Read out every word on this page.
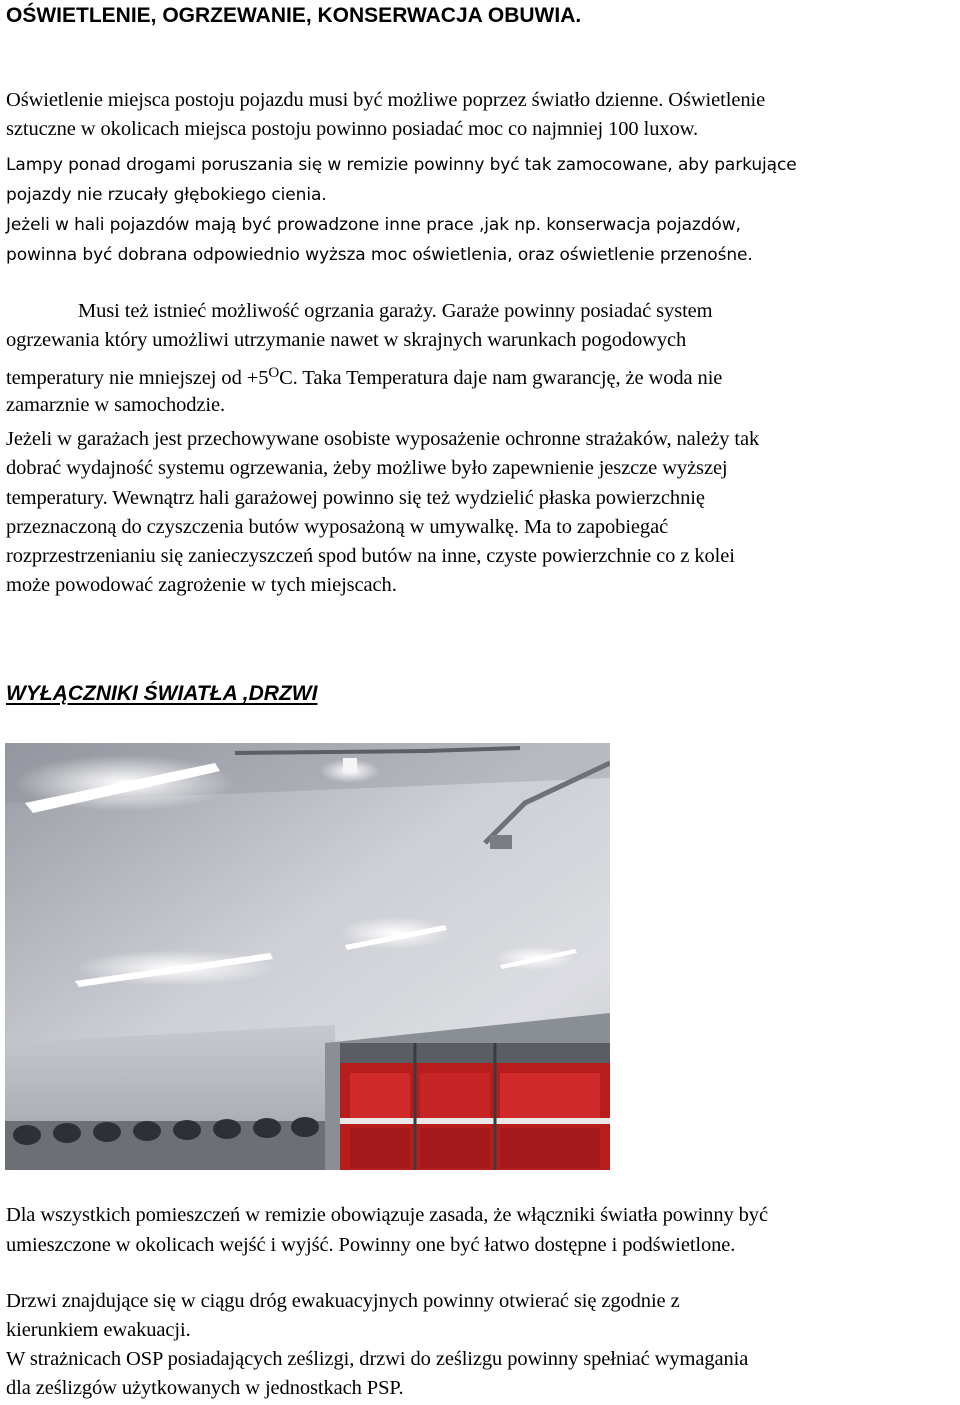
OŚWIETLENIE, OGRZEWANIE, KONSERWACJA OBUWIA.
Oświetlenie miejsca postoju pojazdu musi być możliwe poprzez światło dzienne. Oświetlenie
sztuczne w okolicach miejsca postoju powinno posiadać moc co najmniej 100 luxow.
Lampy ponad drogami poruszania się w remizie powinny być tak zamocowane, aby parkujące
pojazdy nie rzucały głębokiego cienia.
Jeżeli w hali pojazdów mają być prowadzone inne prace ,jak np. konserwacja pojazdów,
powinna być dobrana odpowiednio wyższa moc oświetlenia, oraz oświetlenie przenośne.
Musi też istnieć możliwość ogrzania garaży. Garaże powinny posiadać system
ogrzewania który umożliwi utrzymanie nawet w skrajnych warunkach pogodowych
temperatury nie mniejszej od $+5^OC$. Taka Temperatura daje nam gwarancję, że woda nie
zamarznie w samochodzie.
Jeżeli w garażach jest przechowywane osobiste wyposażenie ochronne strażaków, należy tak
dobrać wydajność systemu ogrzewania, żeby możliwe było zapewnienie jeszcze wyższej
temperatury. Wewnątrz hali garażowej powinno się też wydzielić płaska powierzchnię
przeznaczoną do czyszczenia butów wyposażoną w umywalkę. Ma to zapobiegać
rozprzestrzenianiu się zanieczyszczeń spod butów na inne, czyste powierzchnie co z kolei
może powodować zagrożenie w tych miejscach.
WYŁĄCZNIKI ŚWIATŁA ,DRZWI
Dla wszystkich pomieszczeń w remizie obowiązuje zasada, że włączniki światła powinny być
umieszczone w okolicach wejść i wyjść. Powinny one być łatwo dostępne i podświetlone.
Drzwi znajdujące się w ciągu dróg ewakuacyjnych powinny otwierać się zgodnie z
kierunkiem ewakuacji.
W strażnicach OSP posiadających ześlizgi, drzwi do ześlizgu powinny spełniać wymagania
dla ześlizgów użytkowanych w jednostkach PSP.
